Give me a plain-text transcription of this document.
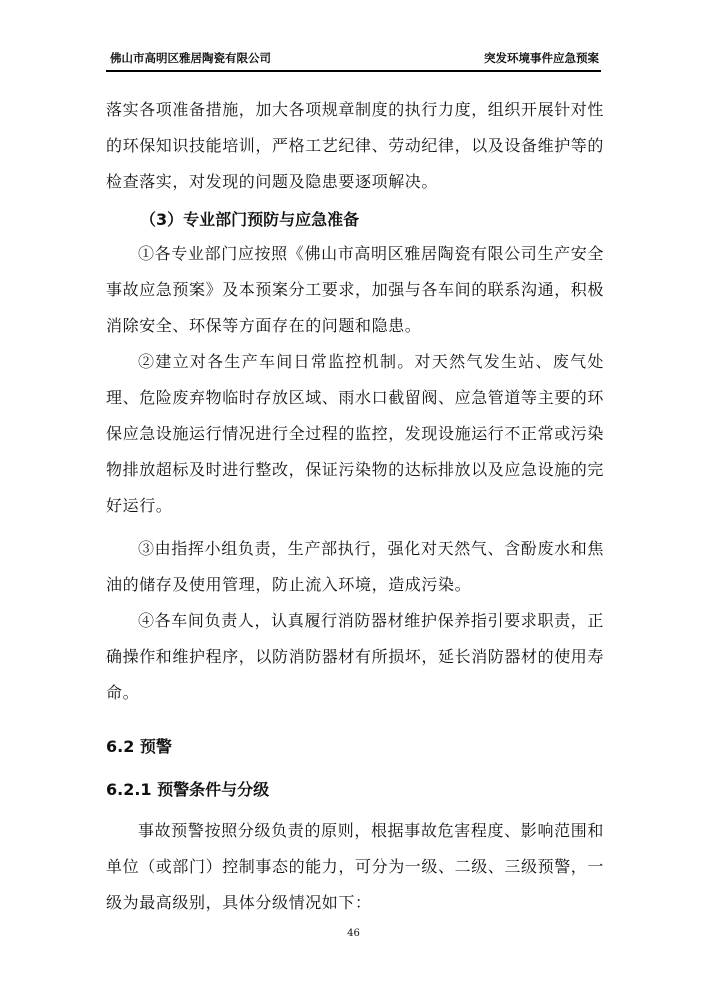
佛山市高明区雅居陶瓷有限公司	突发环境事件应急预案

落实各项准备措施，加大各项规章制度的执行力度，组织开展针对性的环保知识技能培训，严格工艺纪律、劳动纪律，以及设备维护等的检查落实，对发现的问题及隐患要逐项解决。

（3）专业部门预防与应急准备

①各专业部门应按照《佛山市高明区雅居陶瓷有限公司生产安全事故应急预案》及本预案分工要求，加强与各车间的联系沟通，积极消除安全、环保等方面存在的问题和隐患。

②建立对各生产车间日常监控机制。对天然气发生站、废气处理、危险废弃物临时存放区域、雨水口截留阀、应急管道等主要的环保应急设施运行情况进行全过程的监控，发现设施运行不正常或污染物排放超标及时进行整改，保证污染物的达标排放以及应急设施的完好运行。

③由指挥小组负责，生产部执行，强化对天然气、含酚废水和焦油的储存及使用管理，防止流入环境，造成污染。

④各车间负责人，认真履行消防器材维护保养指引要求职责，正确操作和维护程序，以防消防器材有所损坏，延长消防器材的使用寿命。

6.2 预警

6.2.1 预警条件与分级

事故预警按照分级负责的原则，根据事故危害程度、影响范围和单位（或部门）控制事态的能力，可分为一级、二级、三级预警，一级为最高级别，具体分级情况如下：

46
